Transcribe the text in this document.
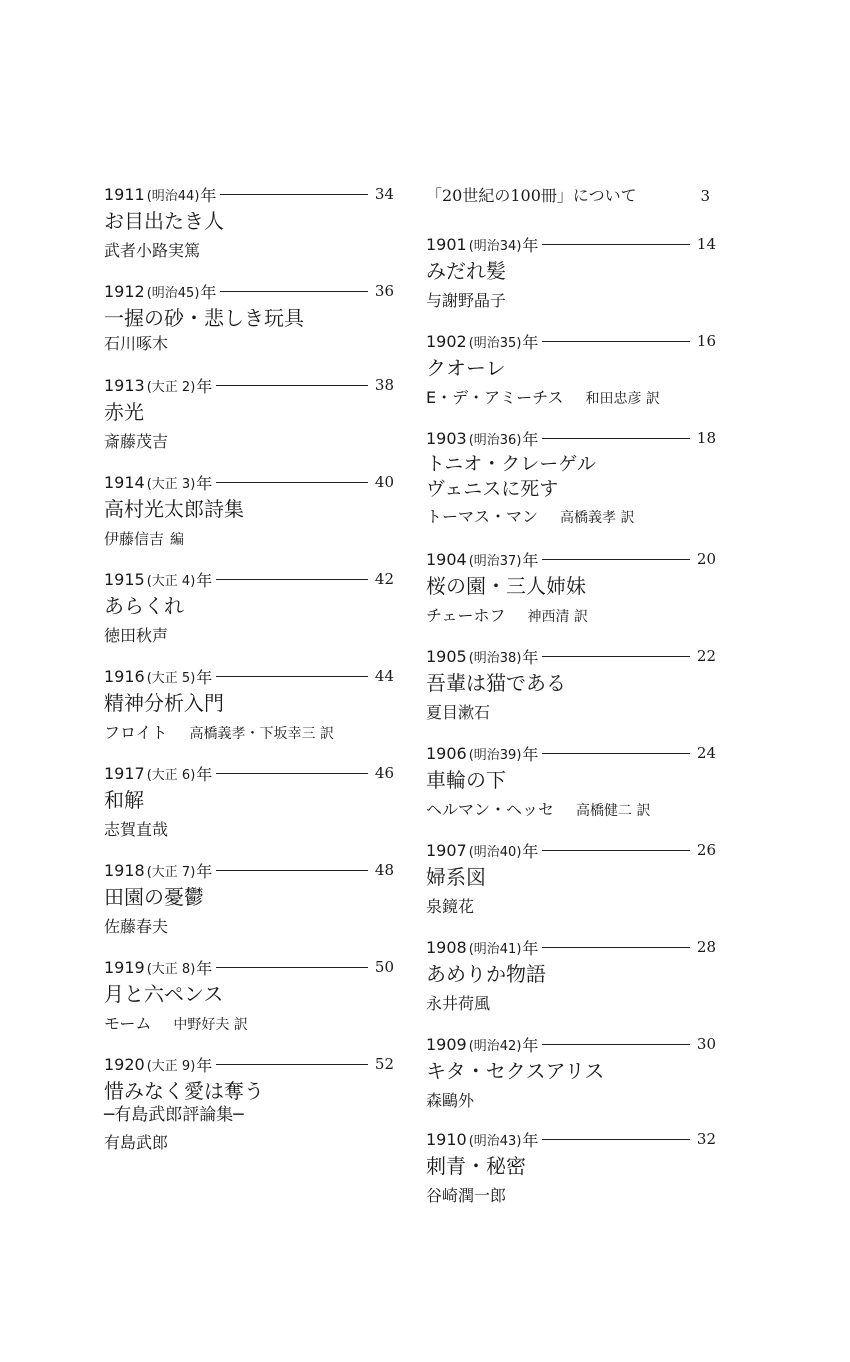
1911 (明治44) 年	34
お目出たき人
武者小路実篤
1912 (明治45) 年	36
一握の砂・悲しき玩具
石川啄木
1913 (大正 2) 年	38
赤光
斎藤茂吉
1914 (大正 3) 年	40
高村光太郎詩集
伊藤信吉 編
1915 (大正 4) 年	42
あらくれ
徳田秋声
1916 (大正 5) 年	44
精神分析入門
フロイト 高橋義孝・下坂幸三 訳
1917 (大正 6) 年	46
和解
志賀直哉
1918 (大正 7) 年	48
田園の憂鬱
佐藤春夫
1919 (大正 8) 年	50
月と六ペンス
モーム 中野好夫 訳
1920 (大正 9) 年	52
惜みなく愛は奪う
─有島武郎評論集─
有島武郎
「20世紀の100冊」について	3
1901 (明治34) 年	14
みだれ髪
与謝野晶子
1902 (明治35) 年	16
クオーレ
E・デ・アミーチス 和田忠彦 訳
1903 (明治36) 年	18
トニオ・クレーゲル
ヴェニスに死す
トーマス・マン 高橋義孝 訳
1904 (明治37) 年	20
桜の園・三人姉妹
チェーホフ 神西清 訳
1905 (明治38) 年	22
吾輩は猫である
夏目漱石
1906 (明治39) 年	24
車輪の下
ヘルマン・ヘッセ 高橋健二 訳
1907 (明治40) 年	26
婦系図
泉鏡花
1908 (明治41) 年	28
あめりか物語
永井荷風
1909 (明治42) 年	30
キタ・セクスアリス
森鷗外
1910 (明治43) 年	32
刺青・秘密
谷崎潤一郎
